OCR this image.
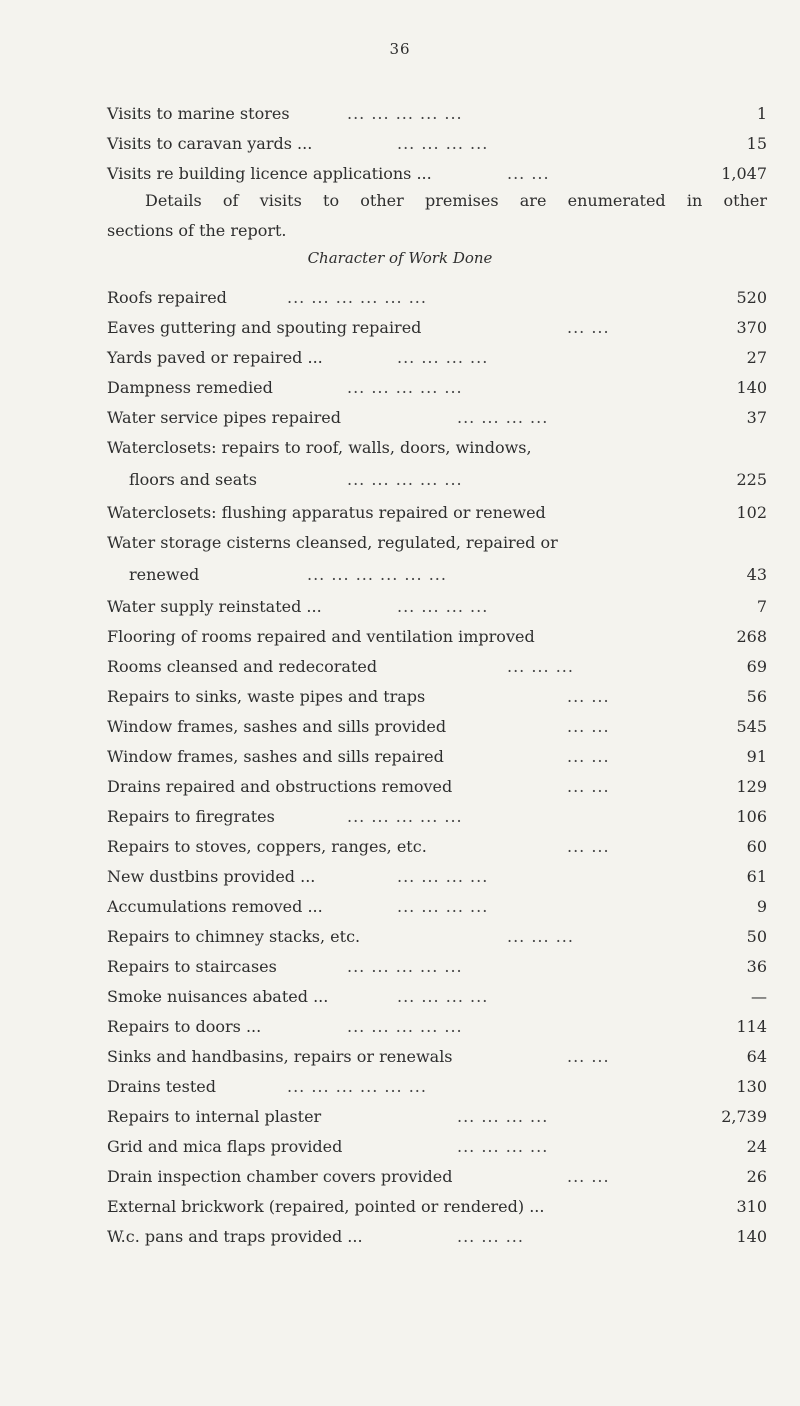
36
Visits to marine stores	... ... ... ... ...	1
Visits to caravan yards ...	... ... ... ...	15
Visits re building licence applications ...	... ...	1,047
Details of visits to other premises are enumerated in other
sections of the report.
Character of Work Done
Roofs repaired	... ... ... ... ... ...	520
Eaves guttering and spouting repaired	... ...	370
Yards paved or repaired ...	... ... ... ...	27
Dampness remedied	... ... ... ... ...	140
Water service pipes repaired	... ... ... ...	37
Waterclosets: repairs to roof, walls, doors, windows,
floors and seats	... ... ... ... ...	225
Waterclosets: flushing apparatus repaired or renewed	102
Water storage cisterns cleansed, regulated, repaired or
renewed	... ... ... ... ... ...	43
Water supply reinstated ...	... ... ... ...	7
Flooring of rooms repaired and ventilation improved	268
Rooms cleansed and redecorated	... ... ...	69
Repairs to sinks, waste pipes and traps	... ...	56
Window frames, sashes and sills provided	... ...	545
Window frames, sashes and sills repaired	... ...	91
Drains repaired and obstructions removed	... ...	129
Repairs to firegrates	... ... ... ... ...	106
Repairs to stoves, coppers, ranges, etc.	... ...	60
New dustbins provided ...	... ... ... ...	61
Accumulations removed ...	... ... ... ...	9
Repairs to chimney stacks, etc.	... ... ...	50
Repairs to staircases	... ... ... ... ...	36
Smoke nuisances abated ...	... ... ... ...	—
Repairs to doors ...	... ... ... ... ...	114
Sinks and handbasins, repairs or renewals	... ...	64
Drains tested	... ... ... ... ... ...	130
Repairs to internal plaster	... ... ... ...	2,739
Grid and mica flaps provided	... ... ... ...	24
Drain inspection chamber covers provided	... ...	26
External brickwork (repaired, pointed or rendered) ...	310
W.c. pans and traps provided ...	... ... ...	140
